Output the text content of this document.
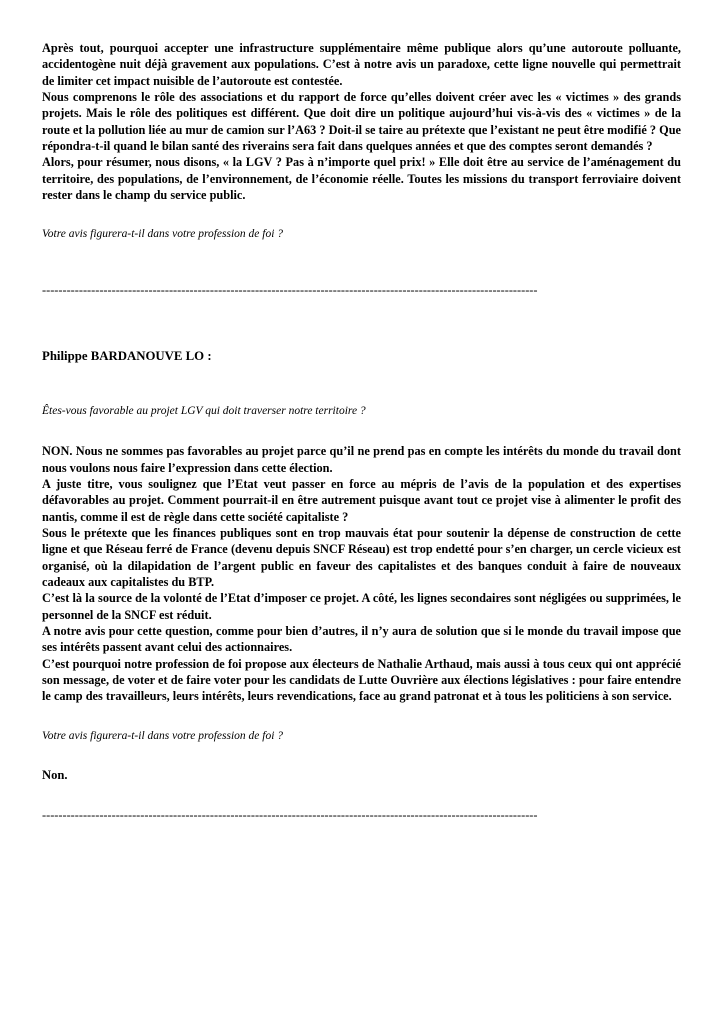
Après tout, pourquoi accepter une infrastructure supplémentaire même publique alors qu’une autoroute polluante, accidentogène nuit déjà gravement aux populations. C’est à notre avis un paradoxe, cette ligne nouvelle qui permettrait de limiter cet impact nuisible de l’autoroute est contestée.

Nous comprenons le rôle des associations et du rapport de force qu’elles doivent créer avec les « victimes » des grands projets. Mais le rôle des politiques est différent. Que doit dire un politique aujourd’hui vis-à-vis des « victimes » de la route et la pollution liée au mur de camion sur l’A63 ? Doit-il se taire au prétexte que l’existant ne peut être modifié ? Que répondra-t-il quand le bilan santé des riverains sera fait dans quelques années et que des comptes seront demandés ?

Alors, pour résumer, nous disons, « la LGV ? Pas à n’importe quel prix! » Elle doit être au service de l’aménagement du territoire, des populations, de l’environnement, de l’économie réelle. Toutes les missions du transport ferroviaire doivent rester dans le champ du service public.

Votre avis figurera-t-il dans votre profession de foi ?
-------------------------------------------------------------------------------------------------------------------------
Philippe BARDANOUVE LO :
Êtes-vous favorable au projet LGV qui doit traverser notre territoire ?

NON. Nous ne sommes pas favorables au projet parce qu’il ne prend pas en compte les intérêts du monde du travail dont nous voulons nous faire l’expression dans cette élection.

A juste titre, vous soulignez que l’Etat veut passer en force au mépris de l’avis de la population et des expertises défavorables au projet. Comment pourrait-il en être autrement puisque avant tout ce projet vise à alimenter le profit des nantis, comme il est de règle dans cette société capitaliste ?

Sous le prétexte que les finances publiques sont en trop mauvais état pour soutenir la dépense de construction de cette ligne et que Réseau ferré de France (devenu depuis SNCF Réseau) est trop endetté pour s’en charger, un cercle vicieux est organisé, où la dilapidation de l’argent public en faveur des capitalistes et des banques conduit à faire de nouveaux cadeaux aux capitalistes du BTP.

C’est là la source de la volonté de l’Etat d’imposer ce projet. A côté, les lignes secondaires sont négligées ou supprimées, le personnel de la SNCF est réduit.

A notre avis pour cette question, comme pour bien d’autres, il n’y aura de solution que si le monde du travail impose que ses intérêts passent avant celui des actionnaires.

C’est pourquoi notre profession de foi propose aux électeurs de Nathalie Arthaud, mais aussi à tous ceux qui ont apprécié son message, de voter et de faire voter pour les candidats de Lutte Ouvrière aux élections législatives : pour faire entendre le camp des travailleurs, leurs intérêts, leurs revendications, face au grand patronat et à tous les politiciens à son service.

Votre avis figurera-t-il dans votre profession de foi ?
Non.
-------------------------------------------------------------------------------------------------------------------------
